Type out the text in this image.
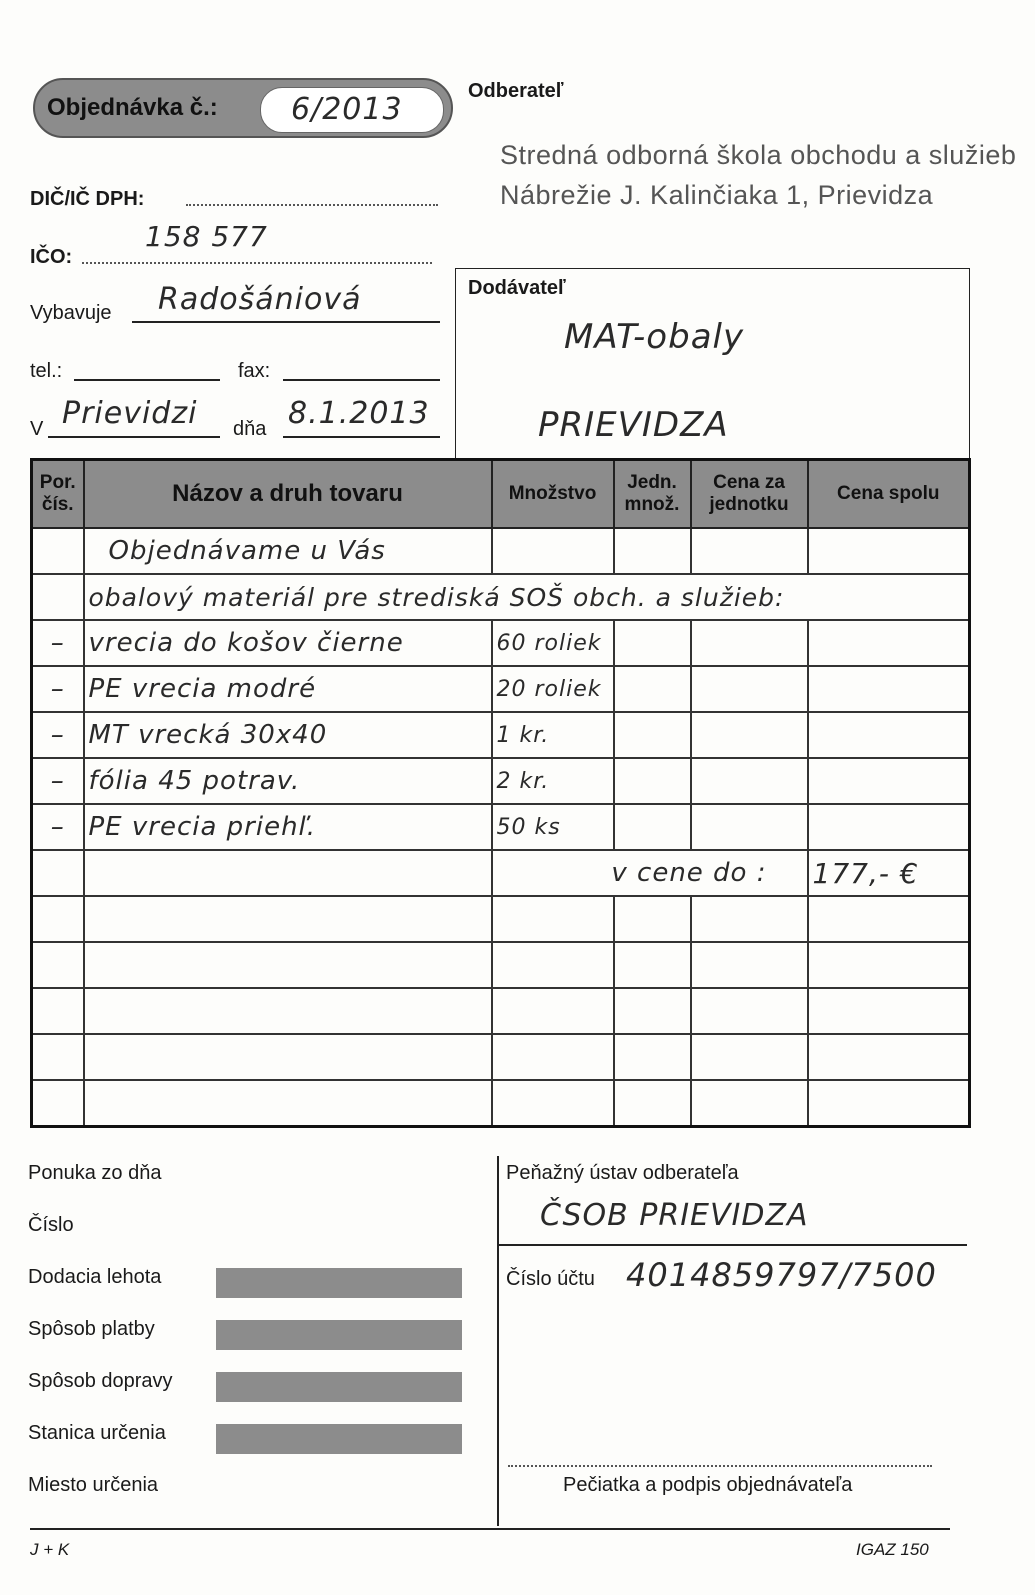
Objednávka č.: 6/2013
Odberateľ
Stredná odborná škola obchodu a služieb
Nábrežie J. Kalinčiaka 1, Prievidza
DIČ/IČ DPH:
IČO:
158 577
Vybavuje Radošániová
tel.:	fax:
V Prievidzi dňa 8.1.2013
Dodávateľ
MAT-obaly
PRIEVIDZA
Por. čís.	Názov a druh tovaru	Množstvo	Jedn. množ.	Cena za jednotku	Cena spolu
	Objednávame u Vás				
	obalový materiál pre strediská SOŠ obch. a služieb:				
–	vrecia do košov čierne	60 roliek			
–	PE vrecia modré	20 roliek			
–	MT vrecká 30x40	1 kr.			
–	fólia 45 potrav.	2 kr.			
–	PE vrecia priehľ.	50 ks			
		v cene do :			177,- €

Ponuka zo dňa
Číslo
Dodacia lehota
Spôsob platby
Spôsob dopravy
Stanica určenia
Miesto určenia
Peňažný ústav odberateľa
ČSOB PRIEVIDZA
Číslo účtu 4014859797/7500
Pečiatka a podpis objednávateľa
J + K	IGAZ 150
